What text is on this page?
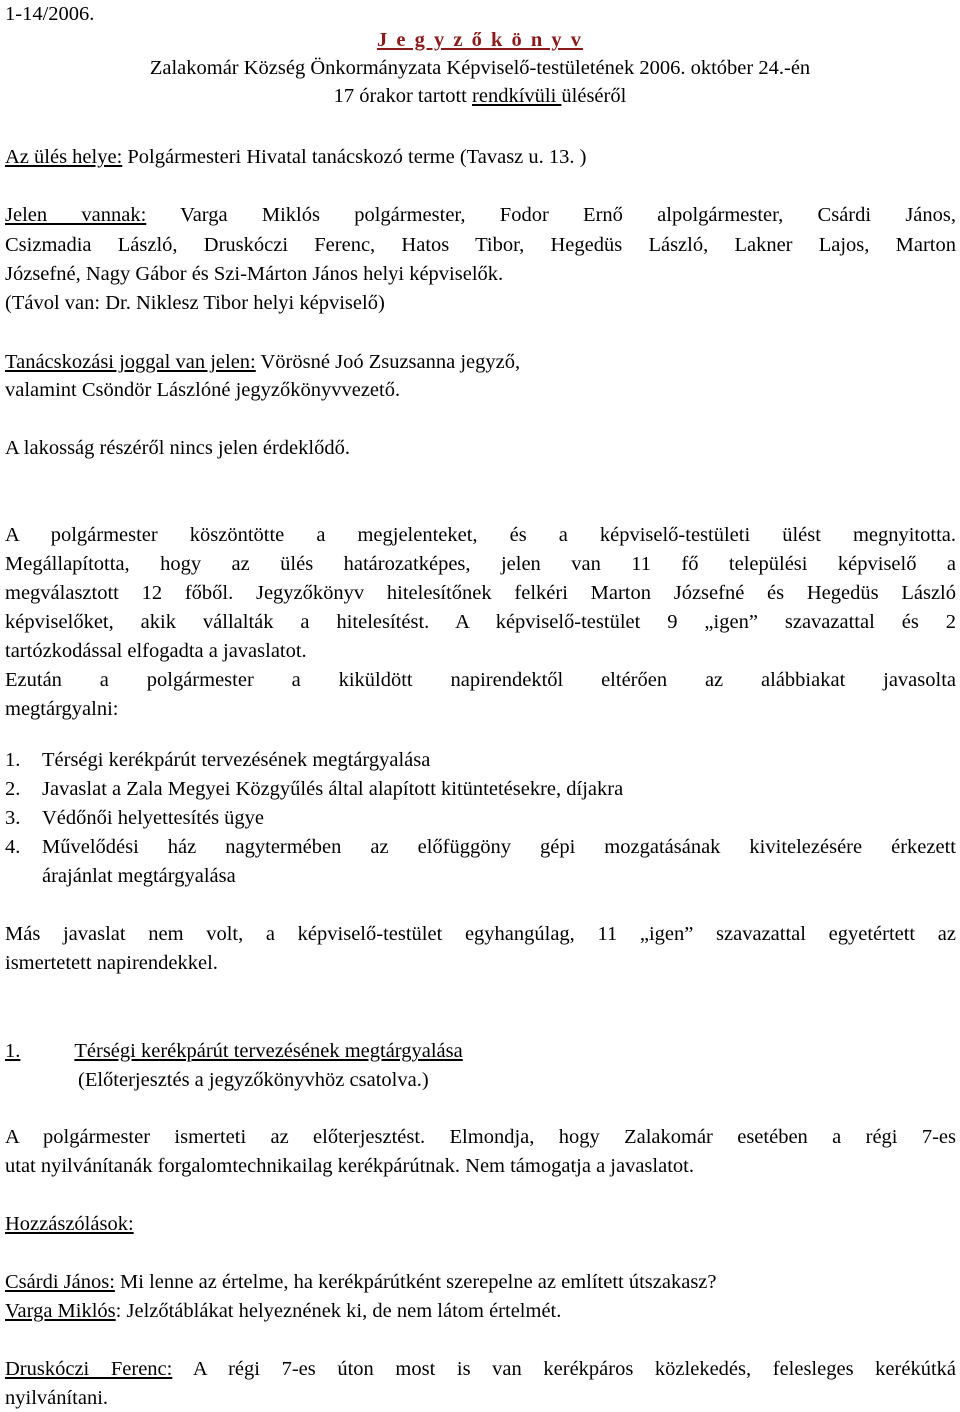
1-14/2006.
J e g y z ő k ö n y v
Zalakomár Község Önkormányzata Képviselő-testületének 2006. október 24.-én
17 órakor tartott rendkívüli üléséről
Az ülés helye: Polgármesteri Hivatal tanácskozó terme (Tavasz u. 13. )
Jelen vannak: Varga Miklós polgármester, Fodor Ernő alpolgármester, Csárdi János,
Csizmadia László, Druskóczi Ferenc, Hatos Tibor, Hegedüs László, Lakner Lajos, Marton
Józsefné, Nagy Gábor és Szi-Márton János helyi képviselők.
(Távol van: Dr. Niklesz Tibor helyi képviselő)
Tanácskozási joggal van jelen: Vörösné Joó Zsuzsanna jegyző,
valamint Csöndör Lászlóné jegyzőkönyvvezető.
A lakosság részéről nincs jelen érdeklődő.
A polgármester köszöntötte a megjelenteket, és a képviselő-testületi ülést megnyitotta.
Megállapította, hogy az ülés határozatképes, jelen van 11 fő települési képviselő a
megválasztott 12 főből. Jegyzőkönyv hitelesítőnek felkéri Marton Józsefné és Hegedüs László
képviselőket, akik vállalták a hitelesítést. A képviselő-testület 9 „igen” szavazattal és 2
tartózkodással elfogadta a javaslatot.
Ezután a polgármester a kiküldött napirendektől eltérően az alábbiakat javasolta
megtárgyalni:
1. Térségi kerékpárút tervezésének megtárgyalása
2. Javaslat a Zala Megyei Közgyűlés által alapított kitüntetésekre, díjakra
3. Védőnői helyettesítés ügye
4. Művelődési ház nagytermében az előfüggöny gépi mozgatásának kivitelezésére érkezett
árajánlat megtárgyalása
Más javaslat nem volt, a képviselő-testület egyhangúlag, 11 „igen” szavazattal egyetértett az
ismertetett napirendekkel.
1.	Térségi kerékpárút tervezésének megtárgyalása
(Előterjesztés a jegyzőkönyvhöz csatolva.)
A polgármester ismerteti az előterjesztést. Elmondja, hogy Zalakomár esetében a régi 7-es
utat nyilvánítanák forgalomtechnikailag kerékpárútnak. Nem támogatja a javaslatot.
Hozzászólások:
Csárdi János: Mi lenne az értelme, ha kerékpárútként szerepelne az említett útszakasz?
Varga Miklós: Jelzőtáblákat helyeznének ki, de nem látom értelmét.
Druskóczi Ferenc: A régi 7-es úton most is van kerékpáros közlekedés, felesleges kerékútká
nyilvánítani.
